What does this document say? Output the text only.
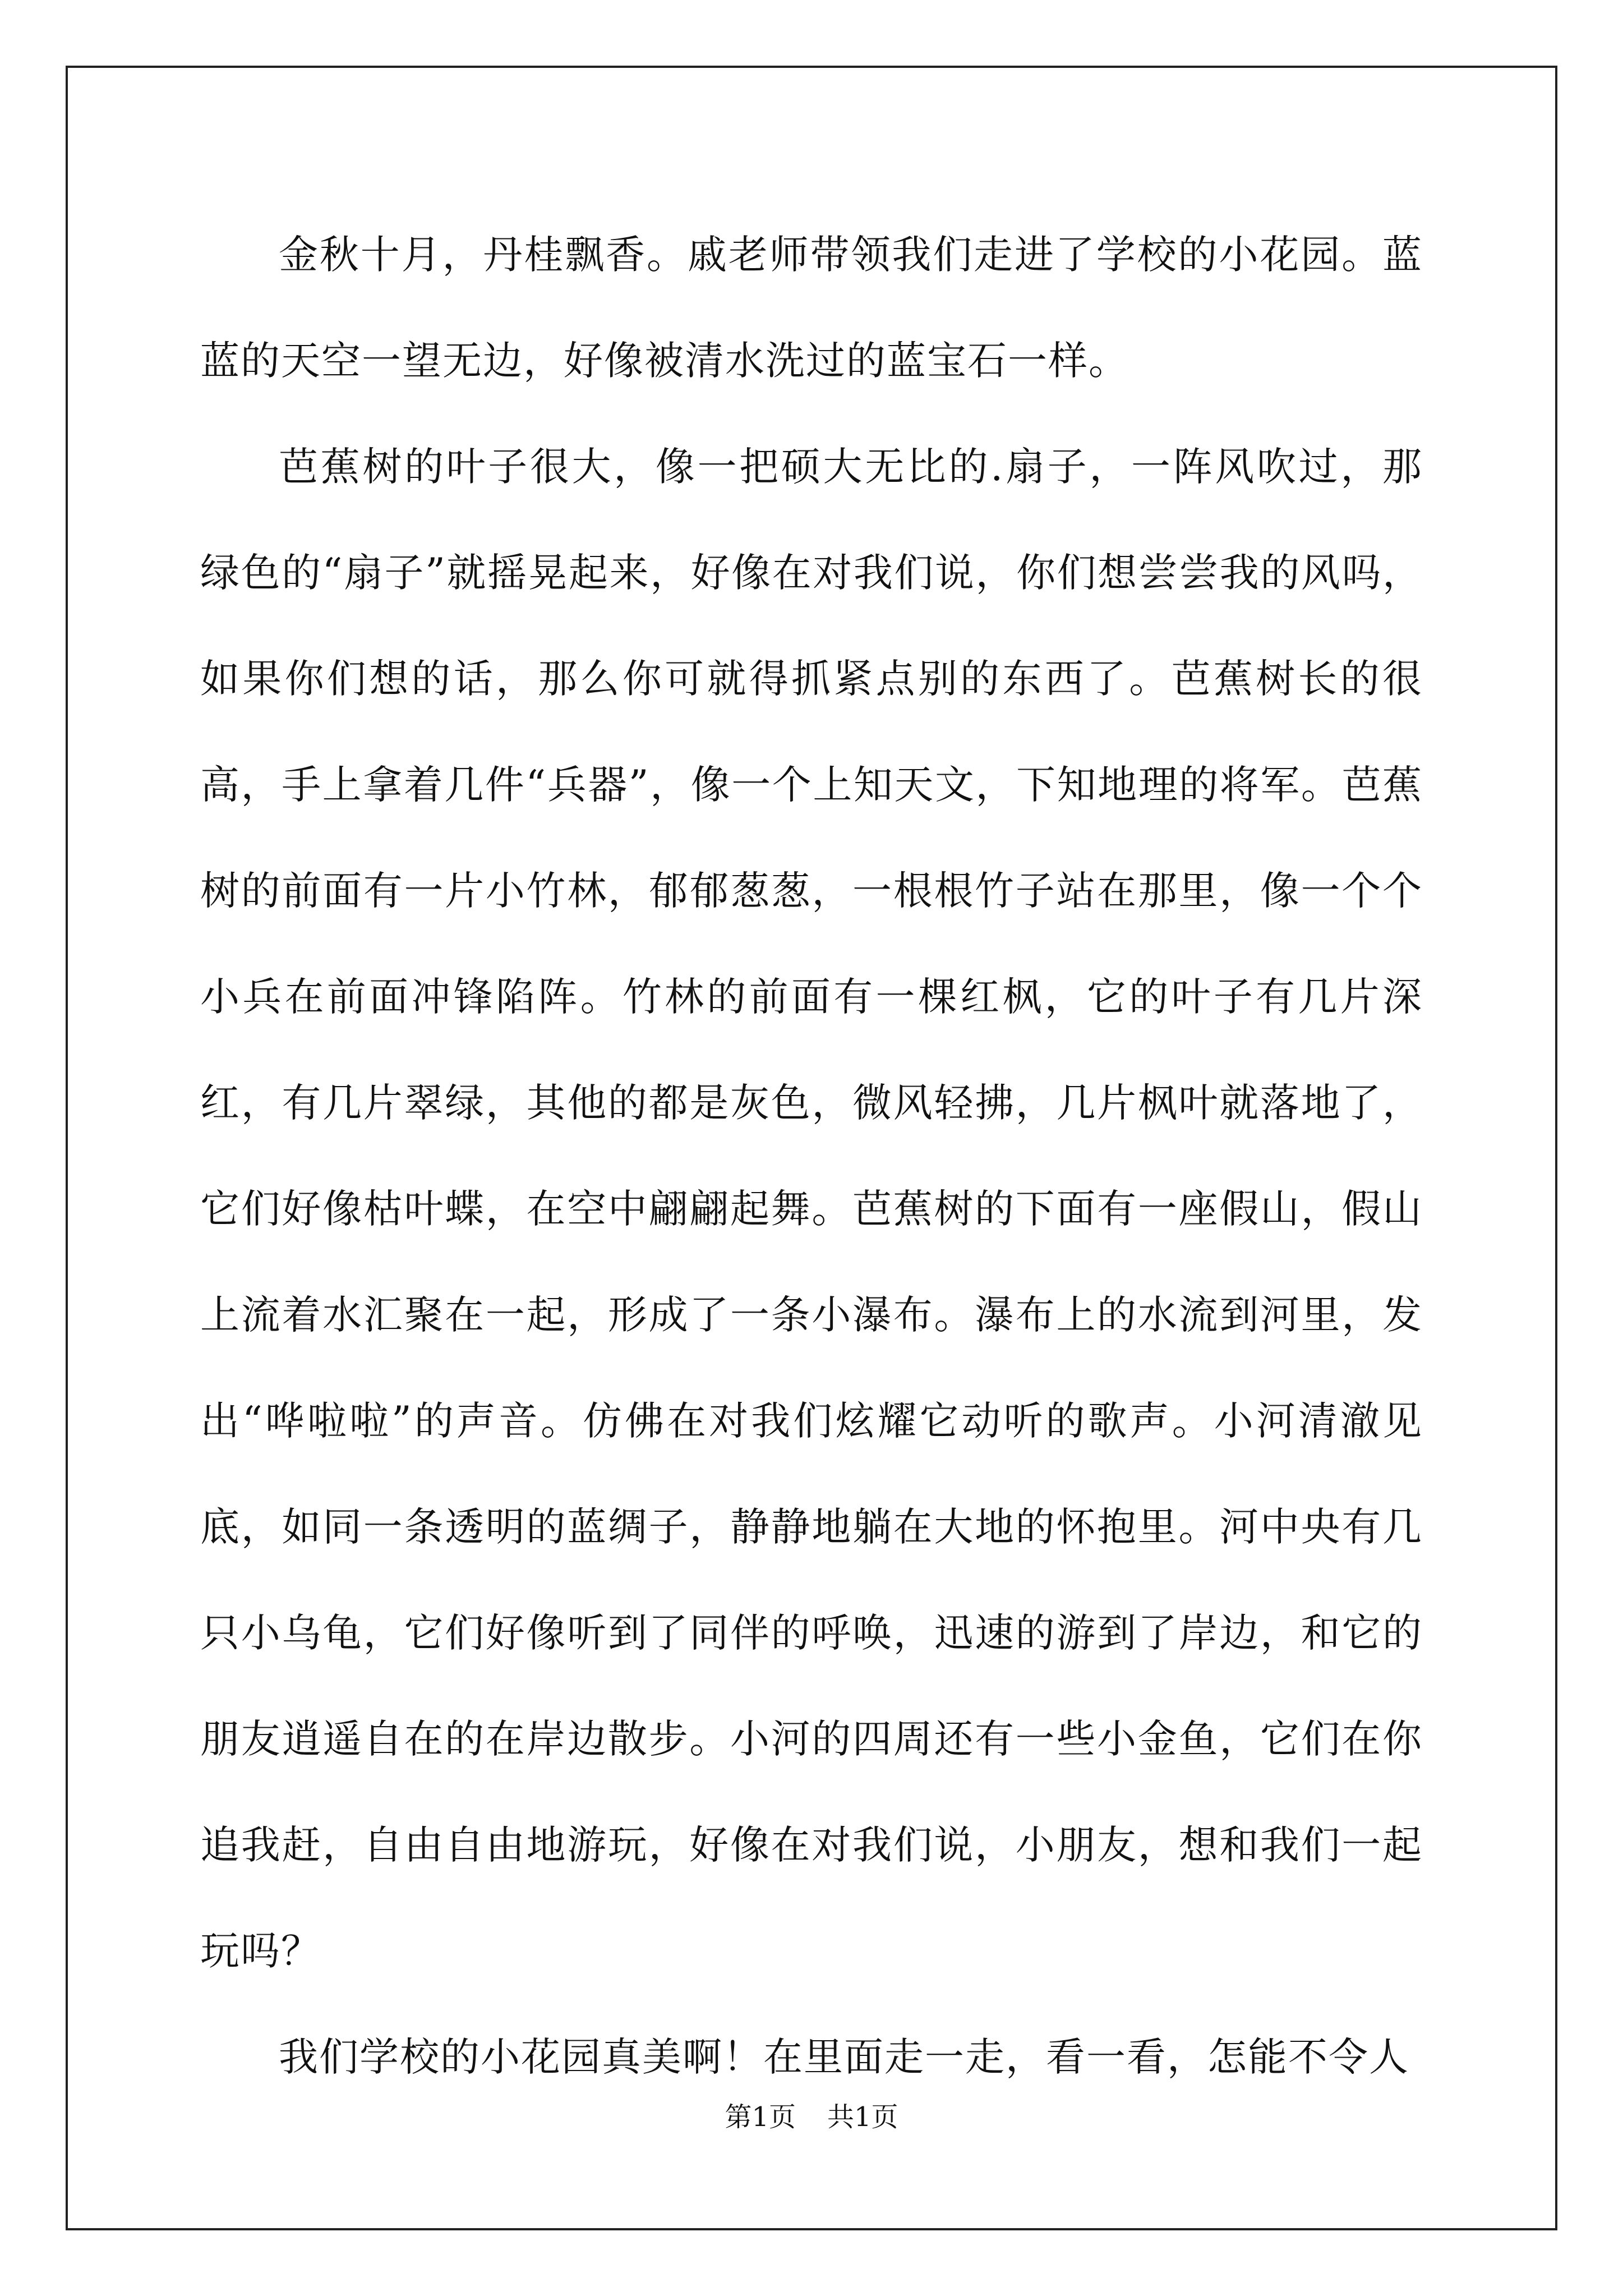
金秋十月，丹桂飘香。戚老师带领我们走进了学校的小花园。蓝蓝的天空一望无边，好像被清水洗过的蓝宝石一样。

芭蕉树的叶子很大，像一把硕大无比的.扇子，一阵风吹过，那绿色的“扇子”就摇晃起来，好像在对我们说，你们想尝尝我的风吗，如果你们想的话，那么你可就得抓紧点别的东西了。芭蕉树长的很高，手上拿着几件“兵器”，像一个上知天文，下知地理的将军。芭蕉树的前面有一片小竹林，郁郁葱葱，一根根竹子站在那里，像一个个小兵在前面冲锋陷阵。竹林的前面有一棵红枫，它的叶子有几片深红，有几片翠绿，其他的都是灰色，微风轻拂，几片枫叶就落地了，它们好像枯叶蝶，在空中翩翩起舞。芭蕉树的下面有一座假山，假山上流着水汇聚在一起，形成了一条小瀑布。瀑布上的水流到河里，发出“哗啦啦”的声音。仿佛在对我们炫耀它动听的歌声。小河清澈见底，如同一条透明的蓝绸子，静静地躺在大地的怀抱里。河中央有几只小乌龟，它们好像听到了同伴的呼唤，迅速的游到了岸边，和它的朋友逍遥自在的在岸边散步。小河的四周还有一些小金鱼，它们在你追我赶，自由自由地游玩，好像在对我们说，小朋友，想和我们一起玩吗？

我们学校的小花园真美啊！在里面走一走，看一看，怎能不令人

第1页 共1页
